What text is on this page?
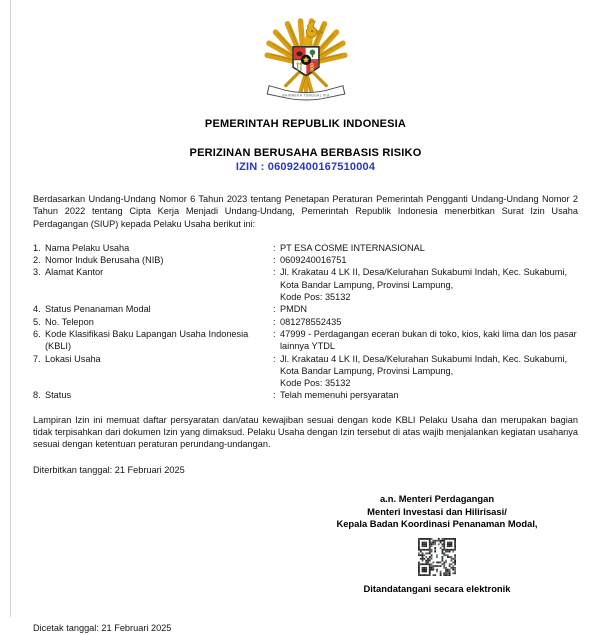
BHINNEKA TUNGGAL IKA
PEMERINTAH REPUBLIK INDONESIA
PERIZINAN BERUSAHA BERBASIS RISIKO
IZIN : 06092400167510004
Berdasarkan Undang-Undang Nomor 6 Tahun 2023 tentang Penetapan Peraturan Pemerintah Pengganti Undang-Undang Nomor 2 Tahun 2022 tentang Cipta Kerja Menjadi Undang-Undang, Pemerintah Republik Indonesia menerbitkan Surat Izin Usaha Perdagangan (SIUP) kepada Pelaku Usaha berikut ini:
1. Nama Pelaku Usaha	: PT ESA COSME INTERNASIONAL
2. Nomor Induk Berusaha (NIB)	: 0609240016751
3. Alamat Kantor	: Jl. Krakatau 4 LK II, Desa/Kelurahan Sukabumi Indah, Kec. Sukabumi,
Kota Bandar Lampung, Provinsi Lampung,
Kode Pos: 35132
4. Status Penanaman Modal	: PMDN
5. No. Telepon	: 081278552435
6. Kode Klasifikasi Baku Lapangan Usaha Indonesia (KBLI)
: 47999 - Perdagangan eceran bukan di toko, kios, kaki lima dan los pasar
lainnya YTDL
7. Lokasi Usaha	: Jl. Krakatau 4 LK II, Desa/Kelurahan Sukabumi Indah, Kec. Sukabumi,
Kota Bandar Lampung, Provinsi Lampung,
Kode Pos: 35132
8. Status	: Telah memenuhi persyaratan
Lampiran Izin ini memuat daftar persyaratan dan/atau kewajiban sesuai dengan kode KBLI Pelaku Usaha dan merupakan bagian tidak terpisahkan dari dokumen Izin yang dimaksud. Pelaku Usaha dengan Izin tersebut di atas wajib menjalankan kegiatan usahanya sesuai dengan ketentuan peraturan perundang-undangan.
Diterbitkan tanggal: 21 Februari 2025
a.n. Menteri Perdagangan
Menteri Investasi dan Hilirisasi/
Kepala Badan Koordinasi Penanaman Modal,
Ditandatangani secara elektronik
Dicetak tanggal: 21 Februari 2025
